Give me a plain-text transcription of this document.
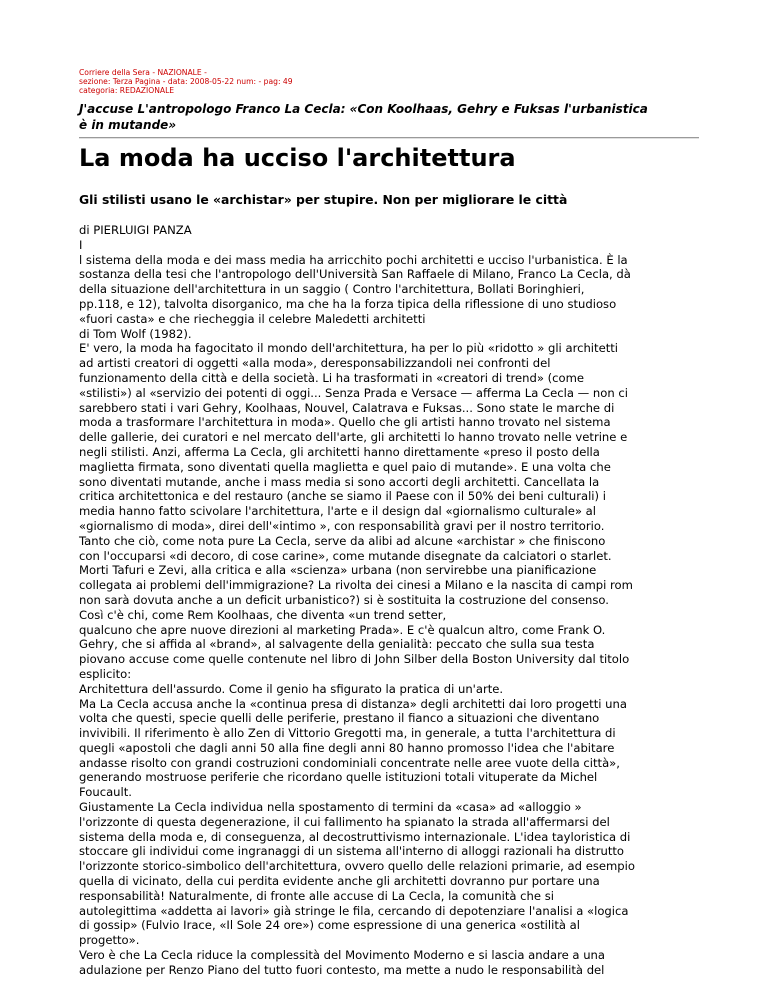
Corriere della Sera - NAZIONALE -
sezione: Terza Pagina - data: 2008-05-22 num: - pag: 49
categoria: REDAZIONALE
J'accuse L'antropologo Franco La Cecla: «Con Koolhaas, Gehry e Fuksas l'urbanistica
è in mutande»
La moda ha ucciso l'architettura
Gli stilisti usano le «archistar» per stupire. Non per migliorare le città
di PIERLUIGI PANZA
I
l sistema della moda e dei mass media ha arricchito pochi architetti e ucciso l'urbanistica. È la
sostanza della tesi che l'antropologo dell'Università San Raffaele di Milano, Franco La Cecla, dà
della situazione dell'architettura in un saggio ( Contro l'architettura, Bollati Boringhieri,
pp.118, e 12), talvolta disorganico, ma che ha la forza tipica della riflessione di uno studioso
«fuori casta» e che riecheggia il celebre Maledetti architetti
di Tom Wolf (1982).
E' vero, la moda ha fagocitato il mondo dell'architettura, ha per lo più «ridotto » gli architetti
ad artisti creatori di oggetti «alla moda», deresponsabilizzandoli nei confronti del
funzionamento della città e della società. Li ha trasformati in «creatori di trend» (come
«stilisti») al «servizio dei potenti di oggi... Senza Prada e Versace — afferma La Cecla — non ci
sarebbero stati i vari Gehry, Koolhaas, Nouvel, Calatrava e Fuksas... Sono state le marche di
moda a trasformare l'architettura in moda». Quello che gli artisti hanno trovato nel sistema
delle gallerie, dei curatori e nel mercato dell'arte, gli architetti lo hanno trovato nelle vetrine e
negli stilisti. Anzi, afferma La Cecla, gli architetti hanno direttamente «preso il posto della
maglietta firmata, sono diventati quella maglietta e quel paio di mutande». E una volta che
sono diventati mutande, anche i mass media si sono accorti degli architetti. Cancellata la
critica architettonica e del restauro (anche se siamo il Paese con il 50% dei beni culturali) i
media hanno fatto scivolare l'architettura, l'arte e il design dal «giornalismo culturale» al
«giornalismo di moda», direi dell'«intimo », con responsabilità gravi per il nostro territorio.
Tanto che ciò, come nota pure La Cecla, serve da alibi ad alcune «archistar » che finiscono
con l'occuparsi «di decoro, di cose carine», come mutande disegnate da calciatori o starlet.
Morti Tafuri e Zevi, alla critica e alla «scienza» urbana (non servirebbe una pianificazione
collegata ai problemi dell'immigrazione? La rivolta dei cinesi a Milano e la nascita di campi rom
non sarà dovuta anche a un deficit urbanistico?) si è sostituita la costruzione del consenso.
Così c'è chi, come Rem Koolhaas, che diventa «un trend setter,
qualcuno che apre nuove direzioni al marketing Prada». E c'è qualcun altro, come Frank O.
Gehry, che si affida al «brand», al salvagente della genialità: peccato che sulla sua testa
piovano accuse come quelle contenute nel libro di John Silber della Boston University dal titolo
esplicito:
Architettura dell'assurdo. Come il genio ha sfigurato la pratica di un'arte.
Ma La Cecla accusa anche la «continua presa di distanza» degli architetti dai loro progetti una
volta che questi, specie quelli delle periferie, prestano il fianco a situazioni che diventano
invivibili. Il riferimento è allo Zen di Vittorio Gregotti ma, in generale, a tutta l'architettura di
quegli «apostoli che dagli anni 50 alla fine degli anni 80 hanno promosso l'idea che l'abitare
andasse risolto con grandi costruzioni condominiali concentrate nelle aree vuote della città»,
generando mostruose periferie che ricordano quelle istituzioni totali vituperate da Michel
Foucault.
Giustamente La Cecla individua nella spostamento di termini da «casa» ad «alloggio »
l'orizzonte di questa degenerazione, il cui fallimento ha spianato la strada all'affermarsi del
sistema della moda e, di conseguenza, al decostruttivismo internazionale. L'idea tayloristica di
stoccare gli individui come ingranaggi di un sistema all'interno di alloggi razionali ha distrutto
l'orizzonte storico-simbolico dell'architettura, ovvero quello delle relazioni primarie, ad esempio
quella di vicinato, della cui perdita evidente anche gli architetti dovranno pur portare una
responsabilità! Naturalmente, di fronte alle accuse di La Cecla, la comunità che si
autolegittima «addetta ai lavori» già stringe le fila, cercando di depotenziare l'analisi a «logica
di gossip» (Fulvio Irace, «Il Sole 24 ore») come espressione di una generica «ostilità al
progetto».
Vero è che La Cecla riduce la complessità del Movimento Moderno e si lascia andare a una
adulazione per Renzo Piano del tutto fuori contesto, ma mette a nudo le responsabilità del
